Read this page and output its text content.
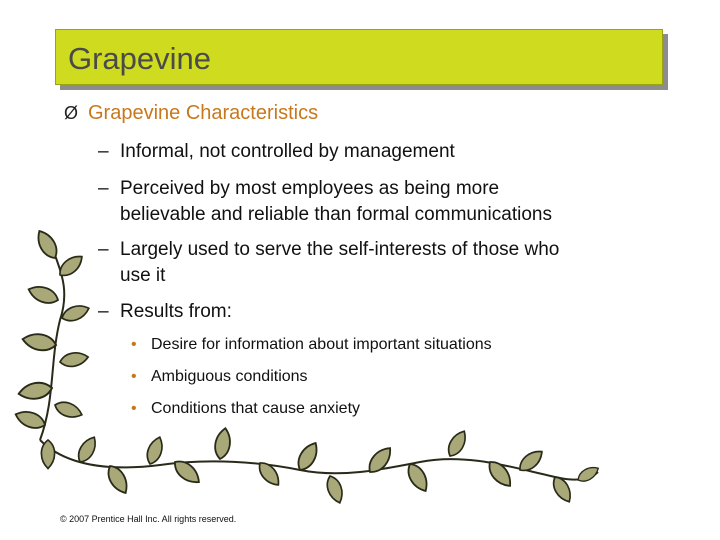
Grapevine
Ø Grapevine Characteristics
– Informal, not controlled by management
– Perceived by most employees as being more
believable and reliable than formal communications
– Largely used to serve the self-interests of those who
use it
– Results from:
• Desire for information about important situations
• Ambiguous conditions
• Conditions that cause anxiety
© 2007 Prentice Hall Inc. All rights reserved.
